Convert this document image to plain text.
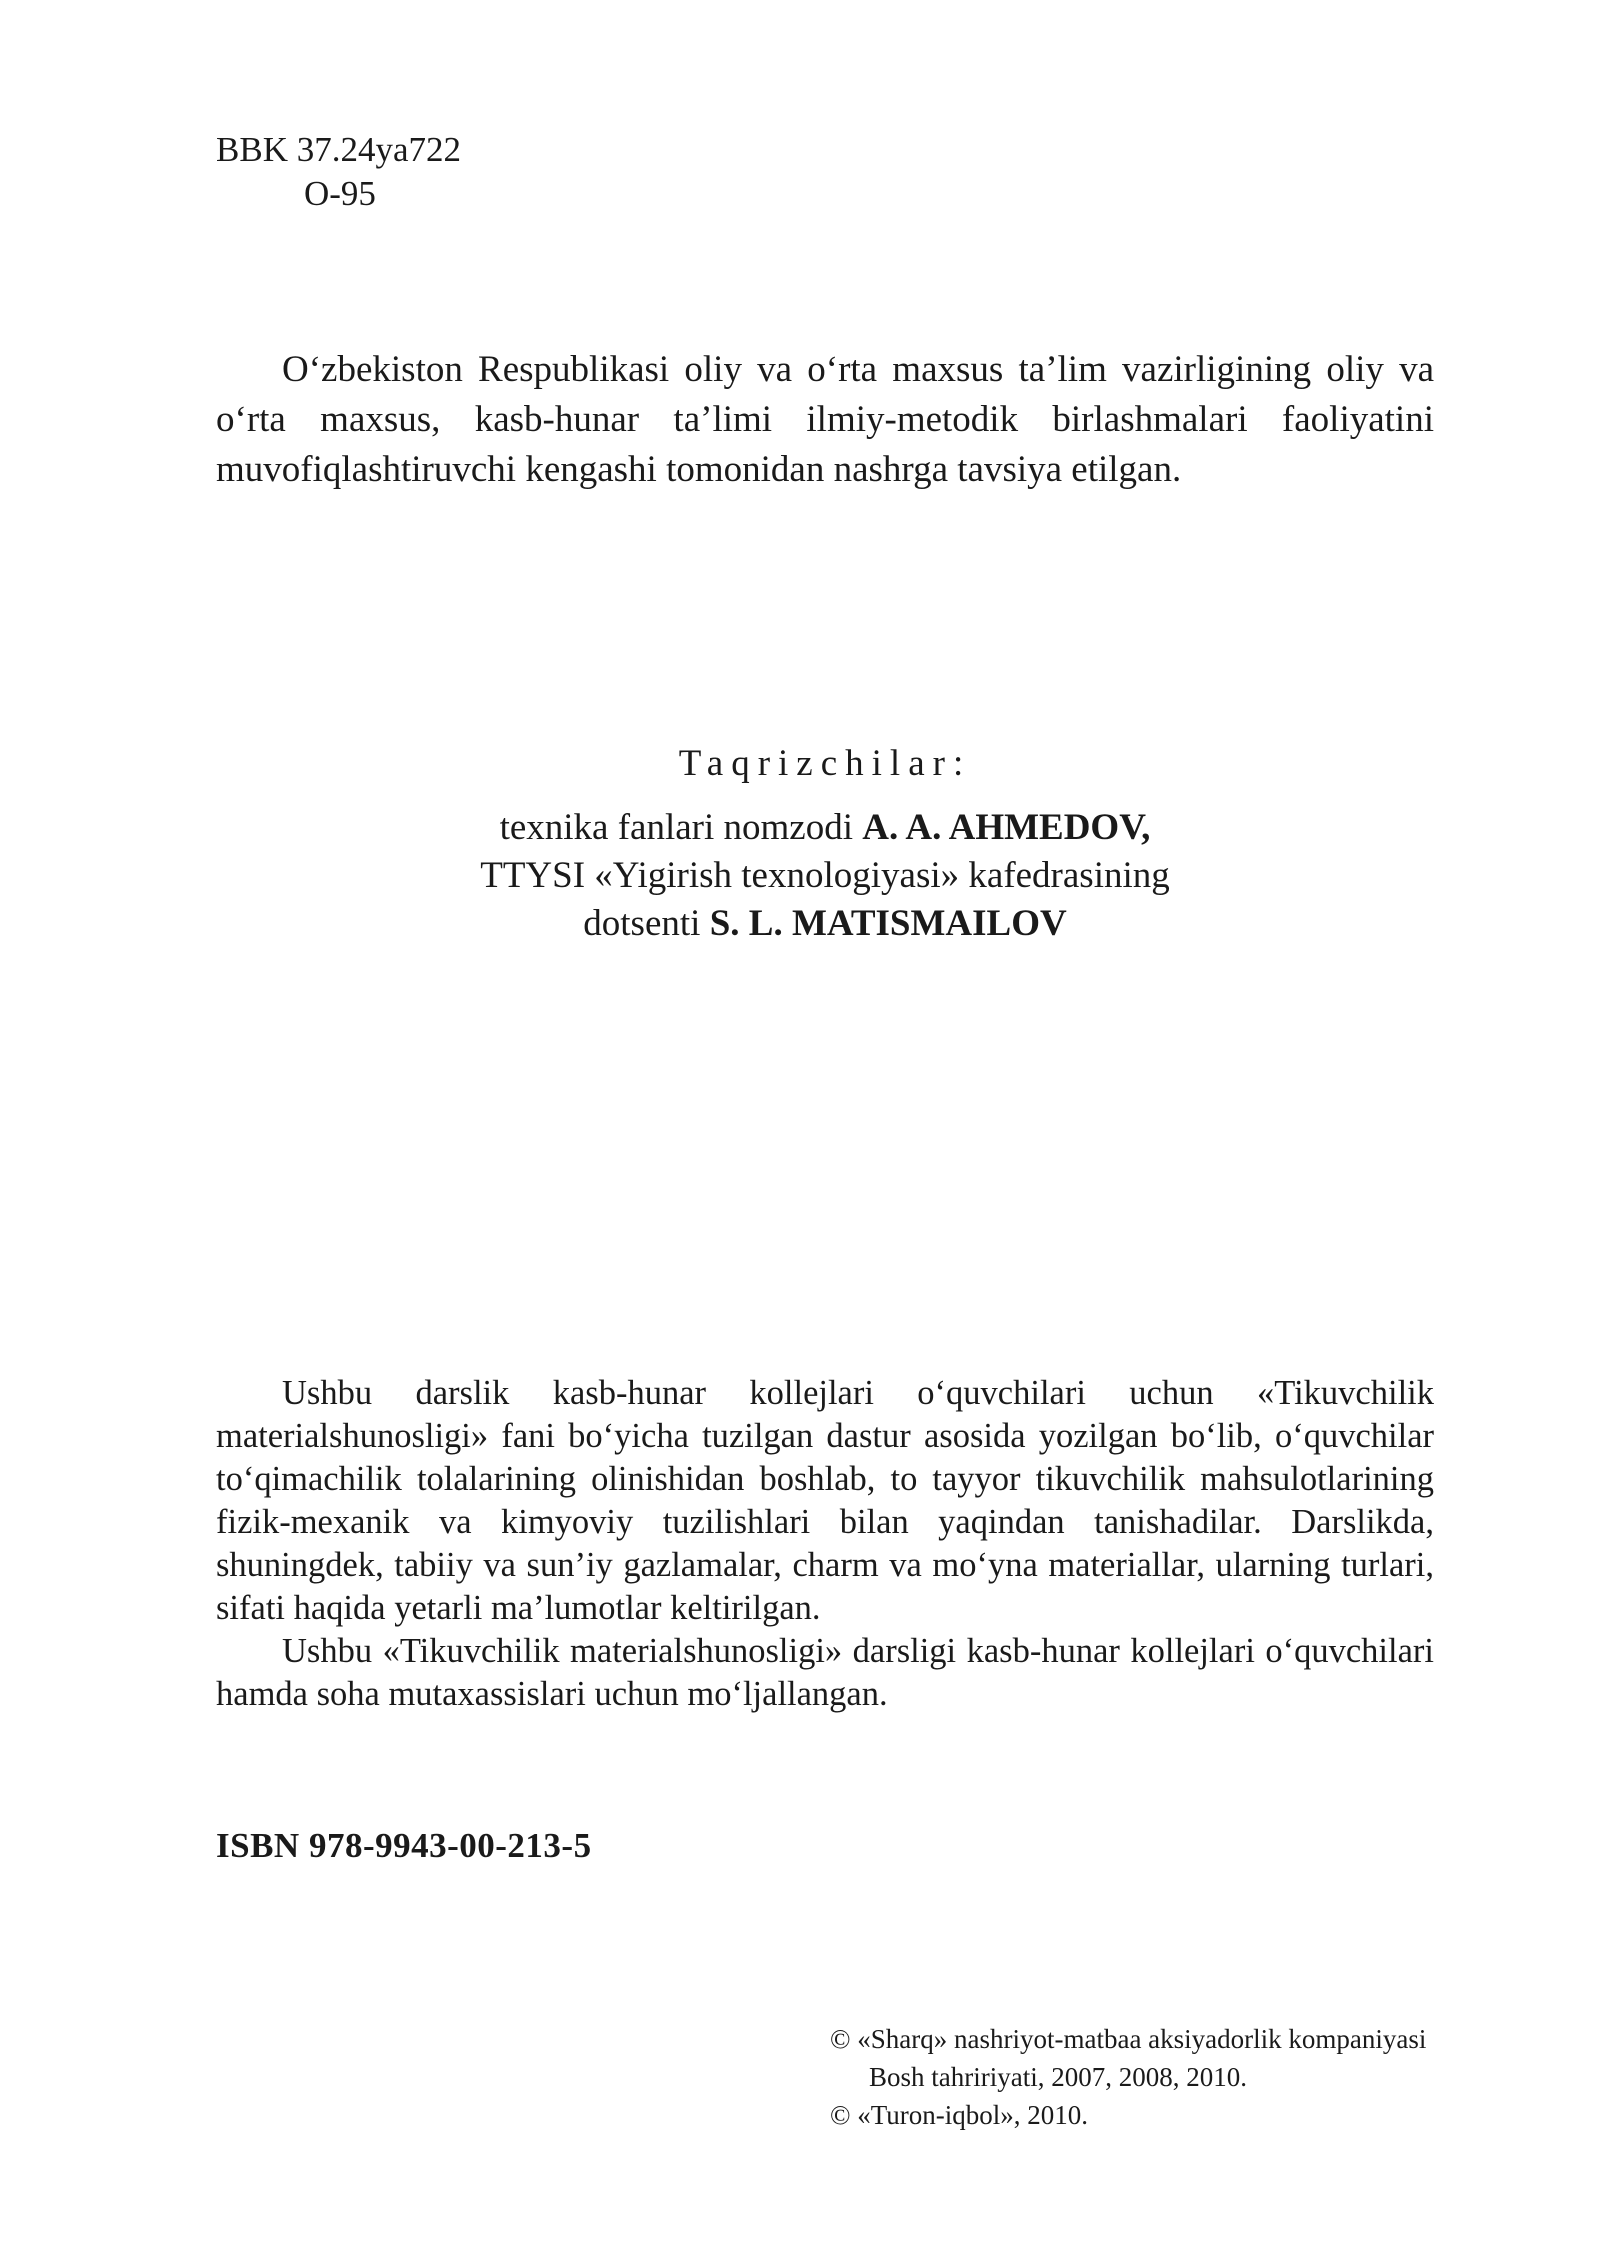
BBK 37.24ya722
O-95

O‘zbekiston Respublikasi oliy va o‘rta maxsus ta’lim vazirligining oliy va o‘rta maxsus, kasb-hunar ta’limi ilmiy-metodik birlashmalari faoliyatini muvofiqlashtiruvchi kengashi tomonidan nashrga tavsiya etilgan.

Taqrizchilar:
texnika fanlari nomzodi A. A. AHMEDOV,
TTYSI «Yigirish texnologiyasi» kafedrasining
dotsenti S. L. MATISMAILOV

Ushbu darslik kasb-hunar kollejlari o‘quvchilari uchun «Tikuvchilik materialshunosligi» fani bo‘yicha tuzilgan dastur asosida yozilgan bo‘lib, o‘quvchilar to‘qimachilik tolalarining olinishidan boshlab, to tayyor tikuvchilik mahsulotlarining fizik-mexanik va kimyoviy tuzilishlari bilan yaqindan tanishadilar. Darslikda, shuningdek, tabiiy va sun’iy gazlamalar, charm va mo‘yna materiallar, ularning turlari, sifati haqida yetarli ma’lumotlar keltirilgan.

Ushbu «Tikuvchilik materialshunosligi» darsligi kasb-hunar kollejlari o‘quvchilari hamda soha mutaxassislari uchun mo‘ljallangan.

ISBN 978-9943-00-213-5
© «Sharq» nashriyot-matbaa aksiyadorlik kompaniyasi
Bosh tahririyati, 2007, 2008, 2010.
© «Turon-iqbol», 2010.
